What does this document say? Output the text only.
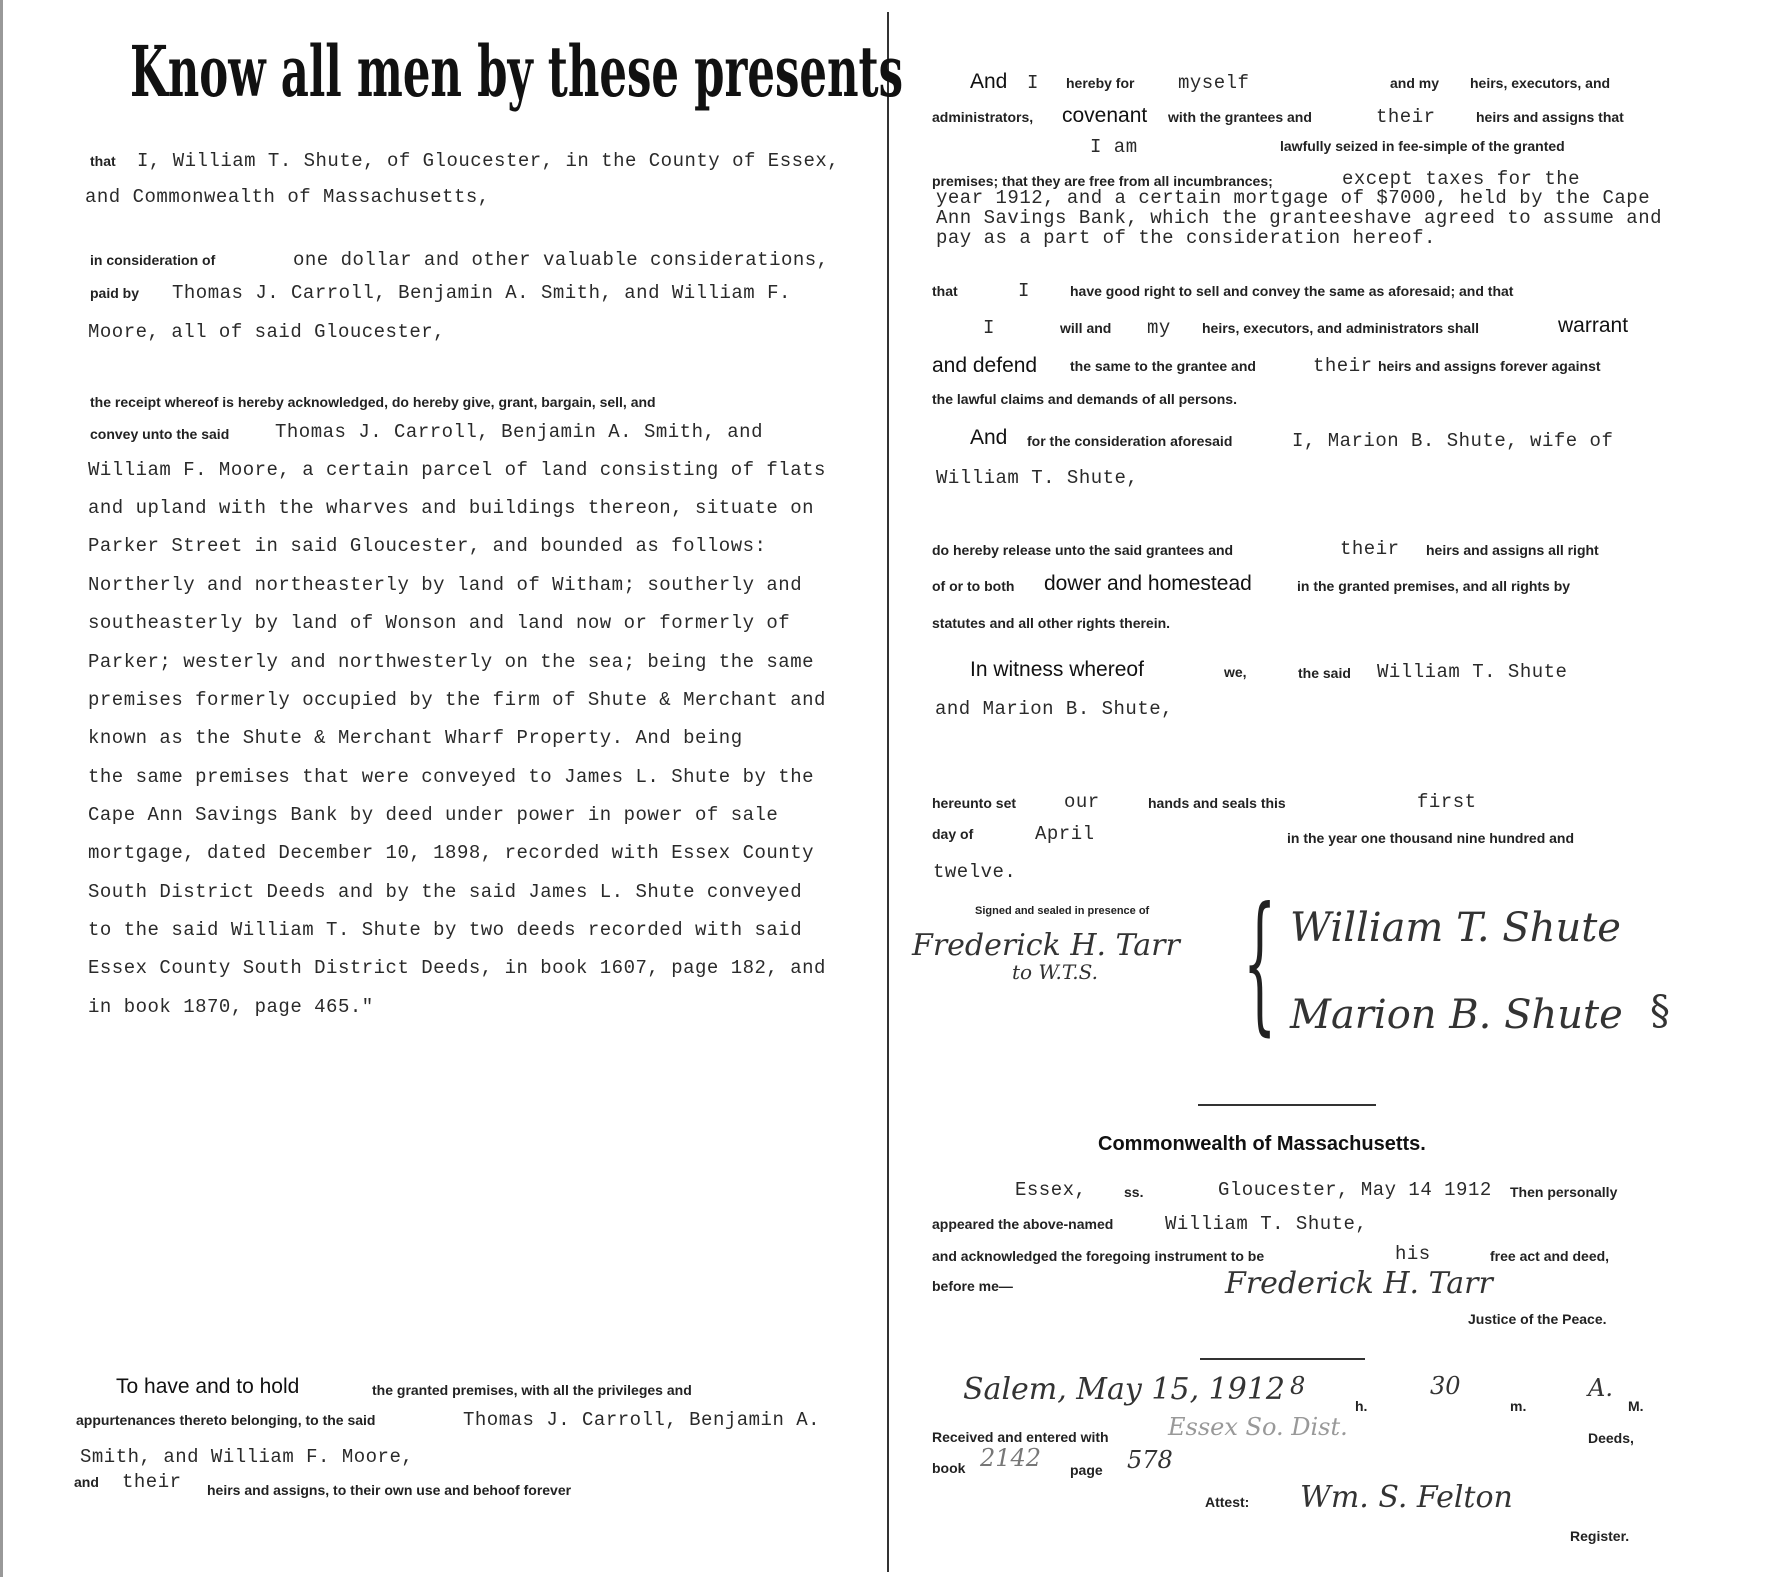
Know all men by these presents
that I, William T. Shute, of Gloucester, in the County of Essex,
and Commonwealth of Massachusetts,
in consideration of	one dollar and other valuable considerations,
paid by Thomas J. Carroll, Benjamin A. Smith, and William F.
Moore, all of said Gloucester,
the receipt whereof is hereby acknowledged, do hereby give, grant, bargain, sell, and
convey unto the said Thomas J. Carroll, Benjamin A. Smith, and
William F. Moore, a certain parcel of land consisting of flats
and upland with the wharves and buildings thereon, situate on
Parker Street in said Gloucester, and bounded as follows:
Northerly and northeasterly by land of Witham; southerly and
southeasterly by land of Wonson and land now or formerly of
Parker; westerly and northwesterly on the sea; being the same
premises formerly occupied by the firm of Shute & Merchant and
known as the Shute & Merchant Wharf Property. And being
the same premises that were conveyed to James L. Shute by the
Cape Ann Savings Bank by deed under power in power of sale
mortgage, dated December 10, 1898, recorded with Essex County
South District Deeds and by the said James L. Shute conveyed
to the said William T. Shute by two deeds recorded with said
Essex County South District Deeds, in book 1607, page 182, and
in book 1870, page 465."
To have and to hold	the granted premises, with all the privileges and
appurtenances thereto belonging, to the said	Thomas J. Carroll, Benjamin A.
Smith, and William F. Moore,
and their heirs and assigns, to their own use and behoof forever
And I hereby for myself	and my heirs, executors, and
administrators, covenant with the grantees and	their	heirs and assigns that
I am	lawfully seized in fee-simple of the granted
premises; that they are free from all incumbrances;	except taxes for the
year 1912, and a certain mortgage of $7000, held by the Cape
Ann Savings Bank, which the granteeshave agreed to assume and
pay as a part of the consideration hereof.
that	I	have good right to sell and convey the same as aforesaid; and that
I	will and my heirs, executors, and administrators shall	warrant
and defend the same to the grantee and	their heirs and assigns forever against
the lawful claims and demands of all persons.
And for the consideration aforesaid	I, Marion B. Shute, wife of
William T. Shute,
do hereby release unto the said grantees and	their heirs and assigns all right
of or to both dower and homestead	in the granted premises, and all rights by
statutes and all other rights therein.
In witness whereof	we,	the said William T. Shute
and Marion B. Shute,
hereunto set	our	hands and seals this	first
day of	April	in the year one thousand nine hundred and
twelve.
Signed and sealed in presence of
Frederick H. Tarr
to W.T.S. { William T. Shute
Marion B. Shute §
Commonwealth of Massachusetts.
Essex,	ss.	Gloucester, May 14 1912 Then personally
appeared the above-named	William T. Shute,
and acknowledged the foregoing instrument to be	his	free act and deed,
before me—	Frederick H. Tarr
Justice of the Peace.
Salem, May 15, 1912 8
h.
30
m.
A.
M.
Received and entered with Essex So. Dist.	Deeds,
book 2142 page 578
Attest: Wm. S. Felton
Register.
